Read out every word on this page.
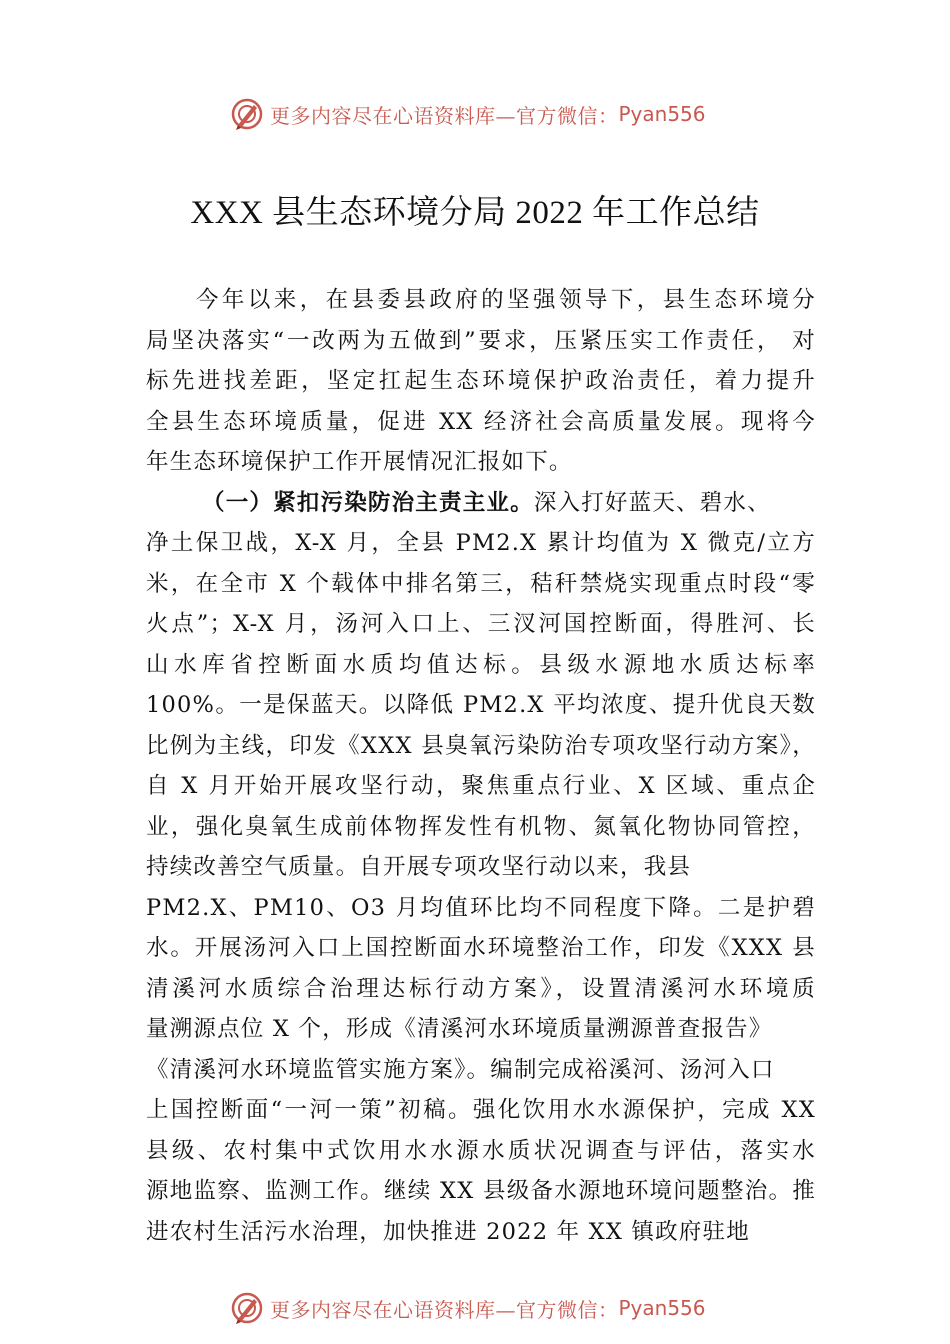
更多内容尽在心语资料库—官方微信： Pyan556
XXX 县生态环境分局 2022 年工作总结
今年以来，在县委县政府的坚强领导下，县生态环境分
局坚决落实“一改两为五做到”要求，压紧压实工作责任， 对
标先进找差距，坚定扛起生态环境保护政治责任，着力提升
全县生态环境质量，促进 XX 经济社会高质量发展。现将今
年生态环境保护工作开展情况汇报如下。
（一）紧扣污染防治主责主业。深入打好蓝天、碧水、
净土保卫战，X-X 月，全县 PM2.X 累计均值为 X 微克/立方
米，在全市 X 个载体中排名第三，秸秆禁烧实现重点时段“零
火点”；X-X 月，汤河入口上、三汊河国控断面，得胜河、长
山水库省控断面水质均值达标。县级水源地水质达标率
100%。一是保蓝天。以降低 PM2.X 平均浓度、提升优良天数
比例为主线，印发《XXX 县臭氧污染防治专项攻坚行动方案》，
自 X 月开始开展攻坚行动，聚焦重点行业、X 区域、重点企
业，强化臭氧生成前体物挥发性有机物、氮氧化物协同管控，
持续改善空气质量。自开展专项攻坚行动以来，我县
PM2.X、PM10、O3 月均值环比均不同程度下降。二是护碧
水。开展汤河入口上国控断面水环境整治工作，印发《XXX 县
清溪河水质综合治理达标行动方案》，设置清溪河水环境质
量溯源点位 X 个，形成《清溪河水环境质量溯源普查报告》
《清溪河水环境监管实施方案》。编制完成裕溪河、汤河入口
上国控断面“一河一策”初稿。强化饮用水水源保护，完成 XX
县级、农村集中式饮用水水源水质状况调查与评估，落实水
源地监察、监测工作。继续 XX 县级备水源地环境问题整治。推
进农村生活污水治理，加快推进 2022 年 XX 镇政府驻地
更多内容尽在心语资料库—官方微信： Pyan556
